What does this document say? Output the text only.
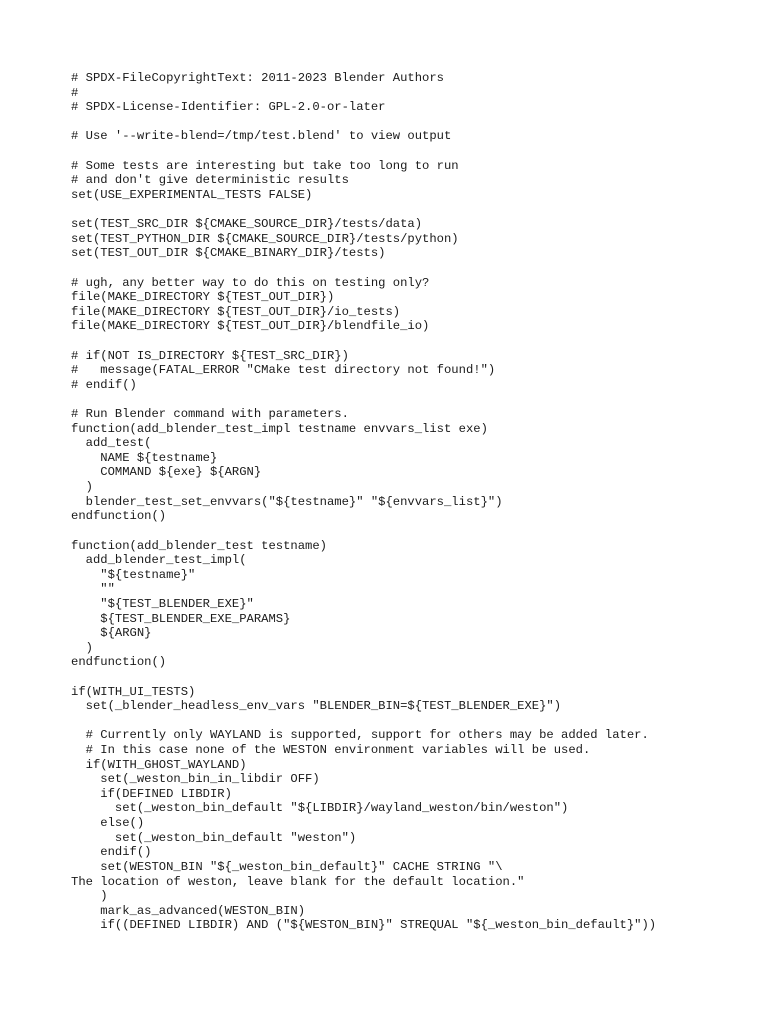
# SPDX-FileCopyrightText: 2011-2023 Blender Authors
#
# SPDX-License-Identifier: GPL-2.0-or-later
# Use '--write-blend=/tmp/test.blend' to view output
# Some tests are interesting but take too long to run
# and don't give deterministic results
set(USE_EXPERIMENTAL_TESTS FALSE)
set(TEST_SRC_DIR ${CMAKE_SOURCE_DIR}/tests/data)
set(TEST_PYTHON_DIR ${CMAKE_SOURCE_DIR}/tests/python)
set(TEST_OUT_DIR ${CMAKE_BINARY_DIR}/tests)
# ugh, any better way to do this on testing only?
file(MAKE_DIRECTORY ${TEST_OUT_DIR})
file(MAKE_DIRECTORY ${TEST_OUT_DIR}/io_tests)
file(MAKE_DIRECTORY ${TEST_OUT_DIR}/blendfile_io)
# if(NOT IS_DIRECTORY ${TEST_SRC_DIR})
#   message(FATAL_ERROR "CMake test directory not found!")
# endif()
# Run Blender command with parameters.
function(add_blender_test_impl testname envvars_list exe)
add_test(
NAME ${testname}
COMMAND ${exe} ${ARGN}
)
blender_test_set_envvars("${testname}" "${envvars_list}")
endfunction()
function(add_blender_test testname)
add_blender_test_impl(
"${testname}"
""
"${TEST_BLENDER_EXE}"
${TEST_BLENDER_EXE_PARAMS}
${ARGN}
)
endfunction()
if(WITH_UI_TESTS)
set(_blender_headless_env_vars "BLENDER_BIN=${TEST_BLENDER_EXE}")
# Currently only WAYLAND is supported, support for others may be added later.
# In this case none of the WESTON environment variables will be used.
if(WITH_GHOST_WAYLAND)
set(_weston_bin_in_libdir OFF)
if(DEFINED LIBDIR)
set(_weston_bin_default "${LIBDIR}/wayland_weston/bin/weston")
else()
set(_weston_bin_default "weston")
endif()
set(WESTON_BIN "${_weston_bin_default}" CACHE STRING "\
The location of weston, leave blank for the default location."
)
mark_as_advanced(WESTON_BIN)
if((DEFINED LIBDIR) AND ("${WESTON_BIN}" STREQUAL "${_weston_bin_default}"))
